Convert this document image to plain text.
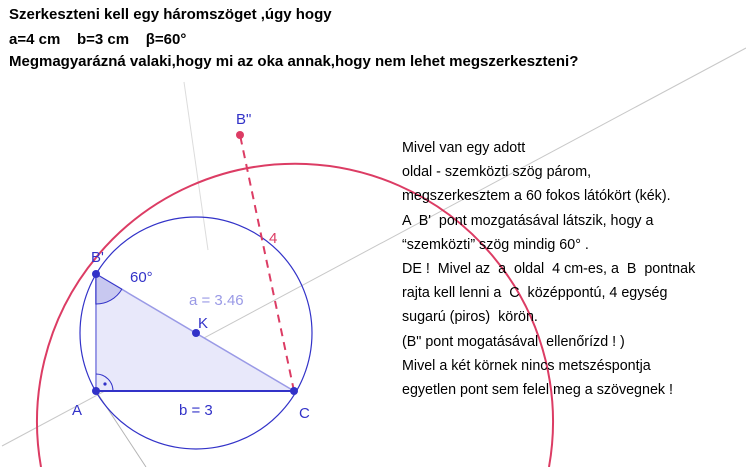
B"
B'
A	C
K
60°
a = 3.46
b = 3
4
Szerkeszteni kell egy háromszöget ,úgy hogy
a=4 cm    b=3 cm    β=60°
Megmagyarázná valaki,hogy mi az oka annak,hogy nem lehet megszerkeszteni?
Mivel van egy adott
oldal - szemközti szög párom,
megszerkesztem a 60 fokos látókört (kék).
A  B'  pont mozgatásával látszik, hogy a
“szemközti” szög mindig 60° .
DE !  Mivel az  a  oldal  4 cm-es, a  B  pontnak
rajta kell lenni a  C  középpontú, 4 egység
sugarú (piros)  körön.
(B" pont mogatásával  ellenőrízd ! )
Mivel a két körnek nincs metszéspontja
egyetlen pont sem felel meg a szövegnek !
